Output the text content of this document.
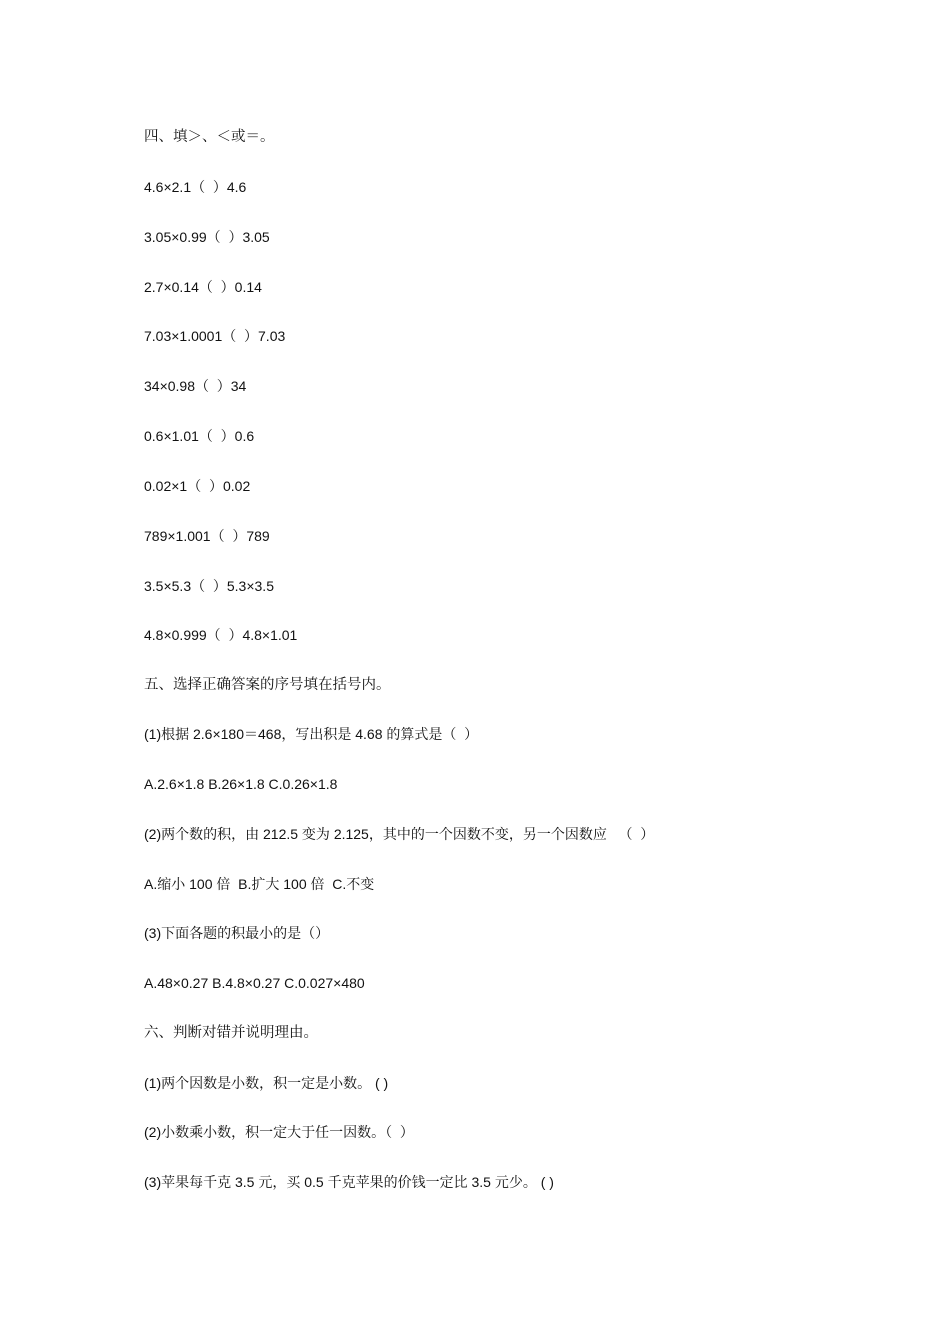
四、填＞、＜或＝。
4.6×2.1（  ）4.6
3.05×0.99（  ）3.05
2.7×0.14（  ）0.14
7.03×1.0001（  ）7.03
34×0.98（  ）34
0.6×1.01（  ）0.6
0.02×1（  ）0.02
789×1.001（  ）789
3.5×5.3（  ）5.3×3.5
4.8×0.999（  ）4.8×1.01
五、选择正确答案的序号填在括号内。
(1)根据 2.6×180＝468，写出积是 4.68 的算式是（  ）
A.2.6×1.8 B.26×1.8 C.0.26×1.8
(2)两个数的积，由 212.5 变为 2.125，其中的一个因数不变，另一个因数应   （  ）
A.缩小 100 倍  B.扩大 100 倍  C.不变
(3)下面各题的积最小的是（）
A.48×0.27 B.4.8×0.27 C.0.027×480
六、判断对错并说明理由。
(1)两个因数是小数，积一定是小数。 ( )
(2)小数乘小数，积一定大于任一因数。（  ）
(3)苹果每千克 3.5 元，买 0.5 千克苹果的价钱一定比 3.5 元少。 ( )
